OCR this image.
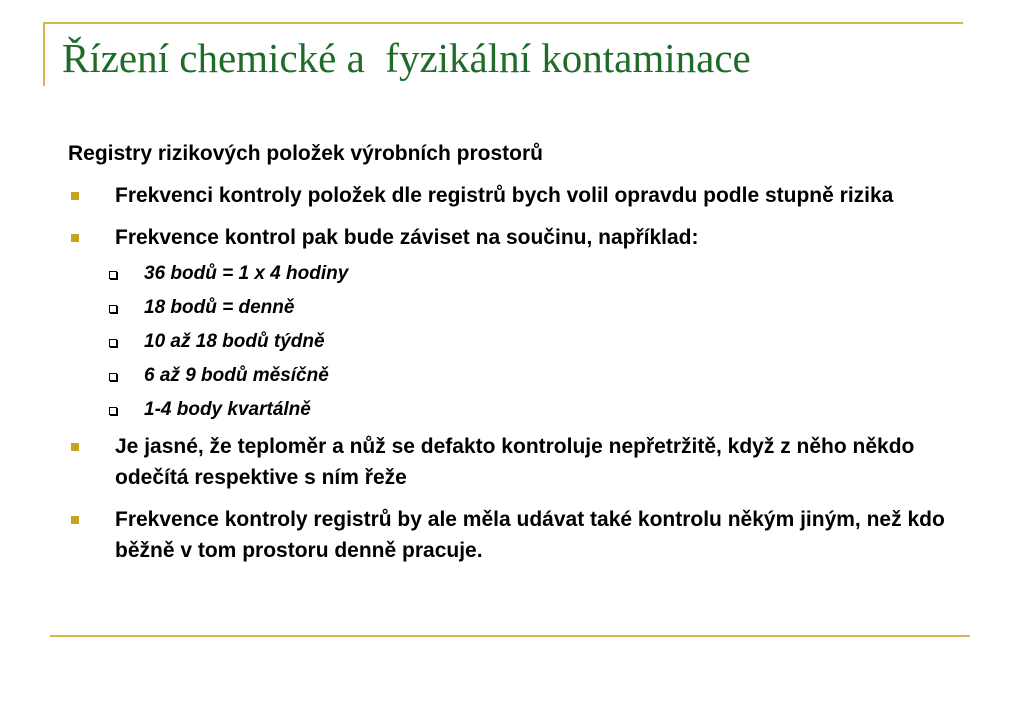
Řízení chemické a  fyzikální kontaminace

Registry rizikových položek výrobních prostorů

Frekvenci kontroly položek dle registrů bych volil opravdu podle stupně rizika
Frekvence kontrol pak bude záviset na součinu, například:
36 bodů = 1 x 4 hodiny
18 bodů = denně
10 až 18 bodů týdně
6 až 9 bodů měsíčně
1-4 body kvartálně
Je jasné, že teploměr a nůž se defakto kontroluje nepřetržitě, když z něho někdo odečítá respektive s ním řeže
Frekvence kontroly registrů by ale měla udávat také kontrolu někým jiným, než kdo běžně v tom prostoru denně pracuje.
